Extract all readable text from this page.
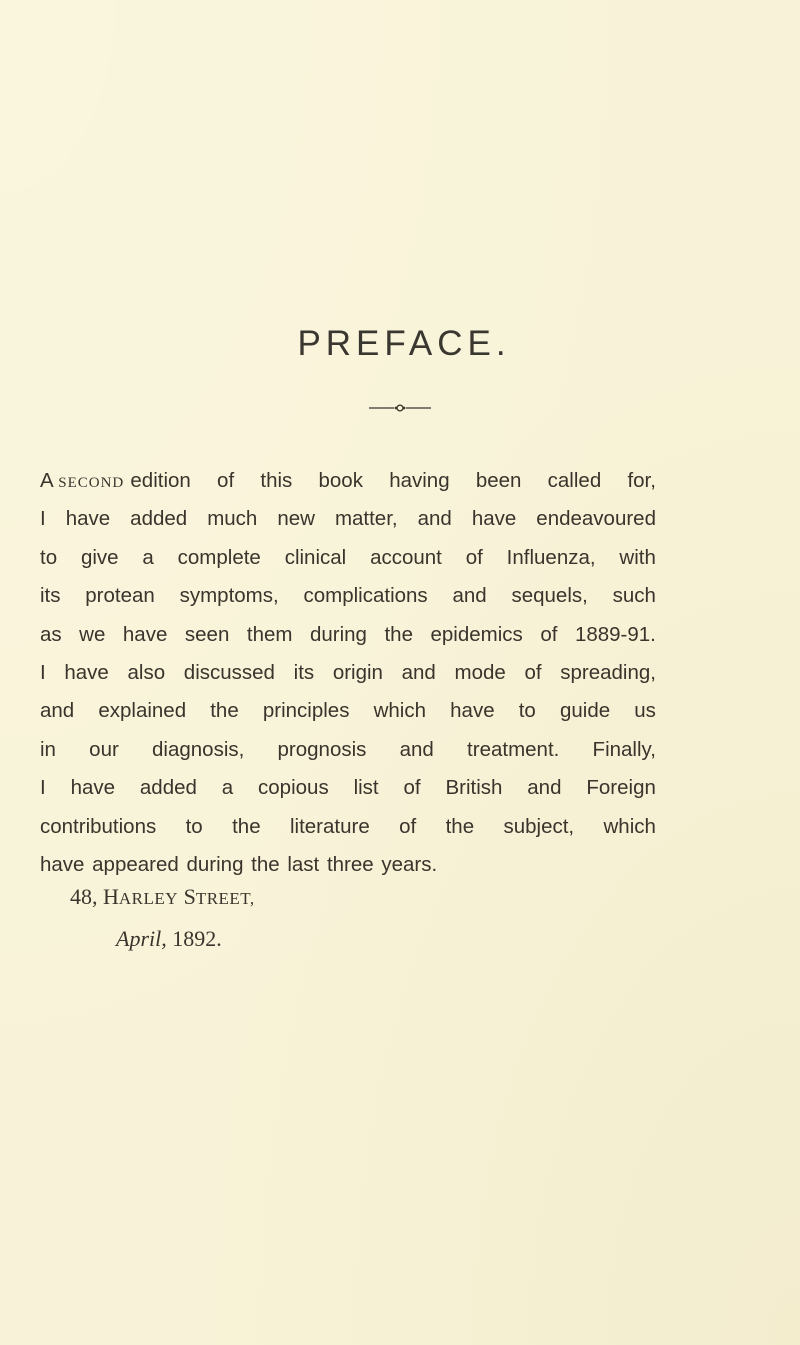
PREFACE.
A SECOND edition of this book having been called for,
I have added much new matter, and have endeavoured
to give a complete clinical account of Influenza, with
its protean symptoms, complications and sequels, such
as we have seen them during the epidemics of 1889-91.
I have also discussed its origin and mode of spreading,
and explained the principles which have to guide us
in our diagnosis, prognosis and treatment. Finally,
I have added a copious list of British and Foreign
contributions to the literature of the subject, which
have appeared during the last three years.
48, HARLEY STREET,
April, 1892.
